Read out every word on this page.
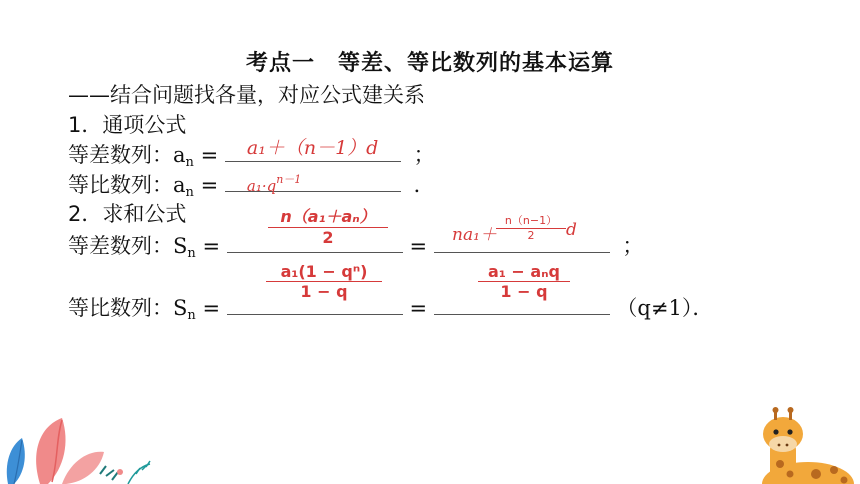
考点一　等差、等比数列的基本运算
——结合问题找各量，对应公式建关系
1．通项公式
等差数列：$a_n = a_1+(n-1)d$ ；
等比数列：$a_n = a_1\cdot q^{n-1}$	．
2．求和公式
等差数列：$S_n$ =	=	；
$\frac{\text{n（a₁＋aₙ）}}{2}$	$na_1+ \frac{n(n-1)}{2}$ d
等比数列：$S_n$ =	=	（q≠1）．
$\frac{\text{a₁(1 − qⁿ)}}{1 - q}$	a₁ − aₙq
1 − q
